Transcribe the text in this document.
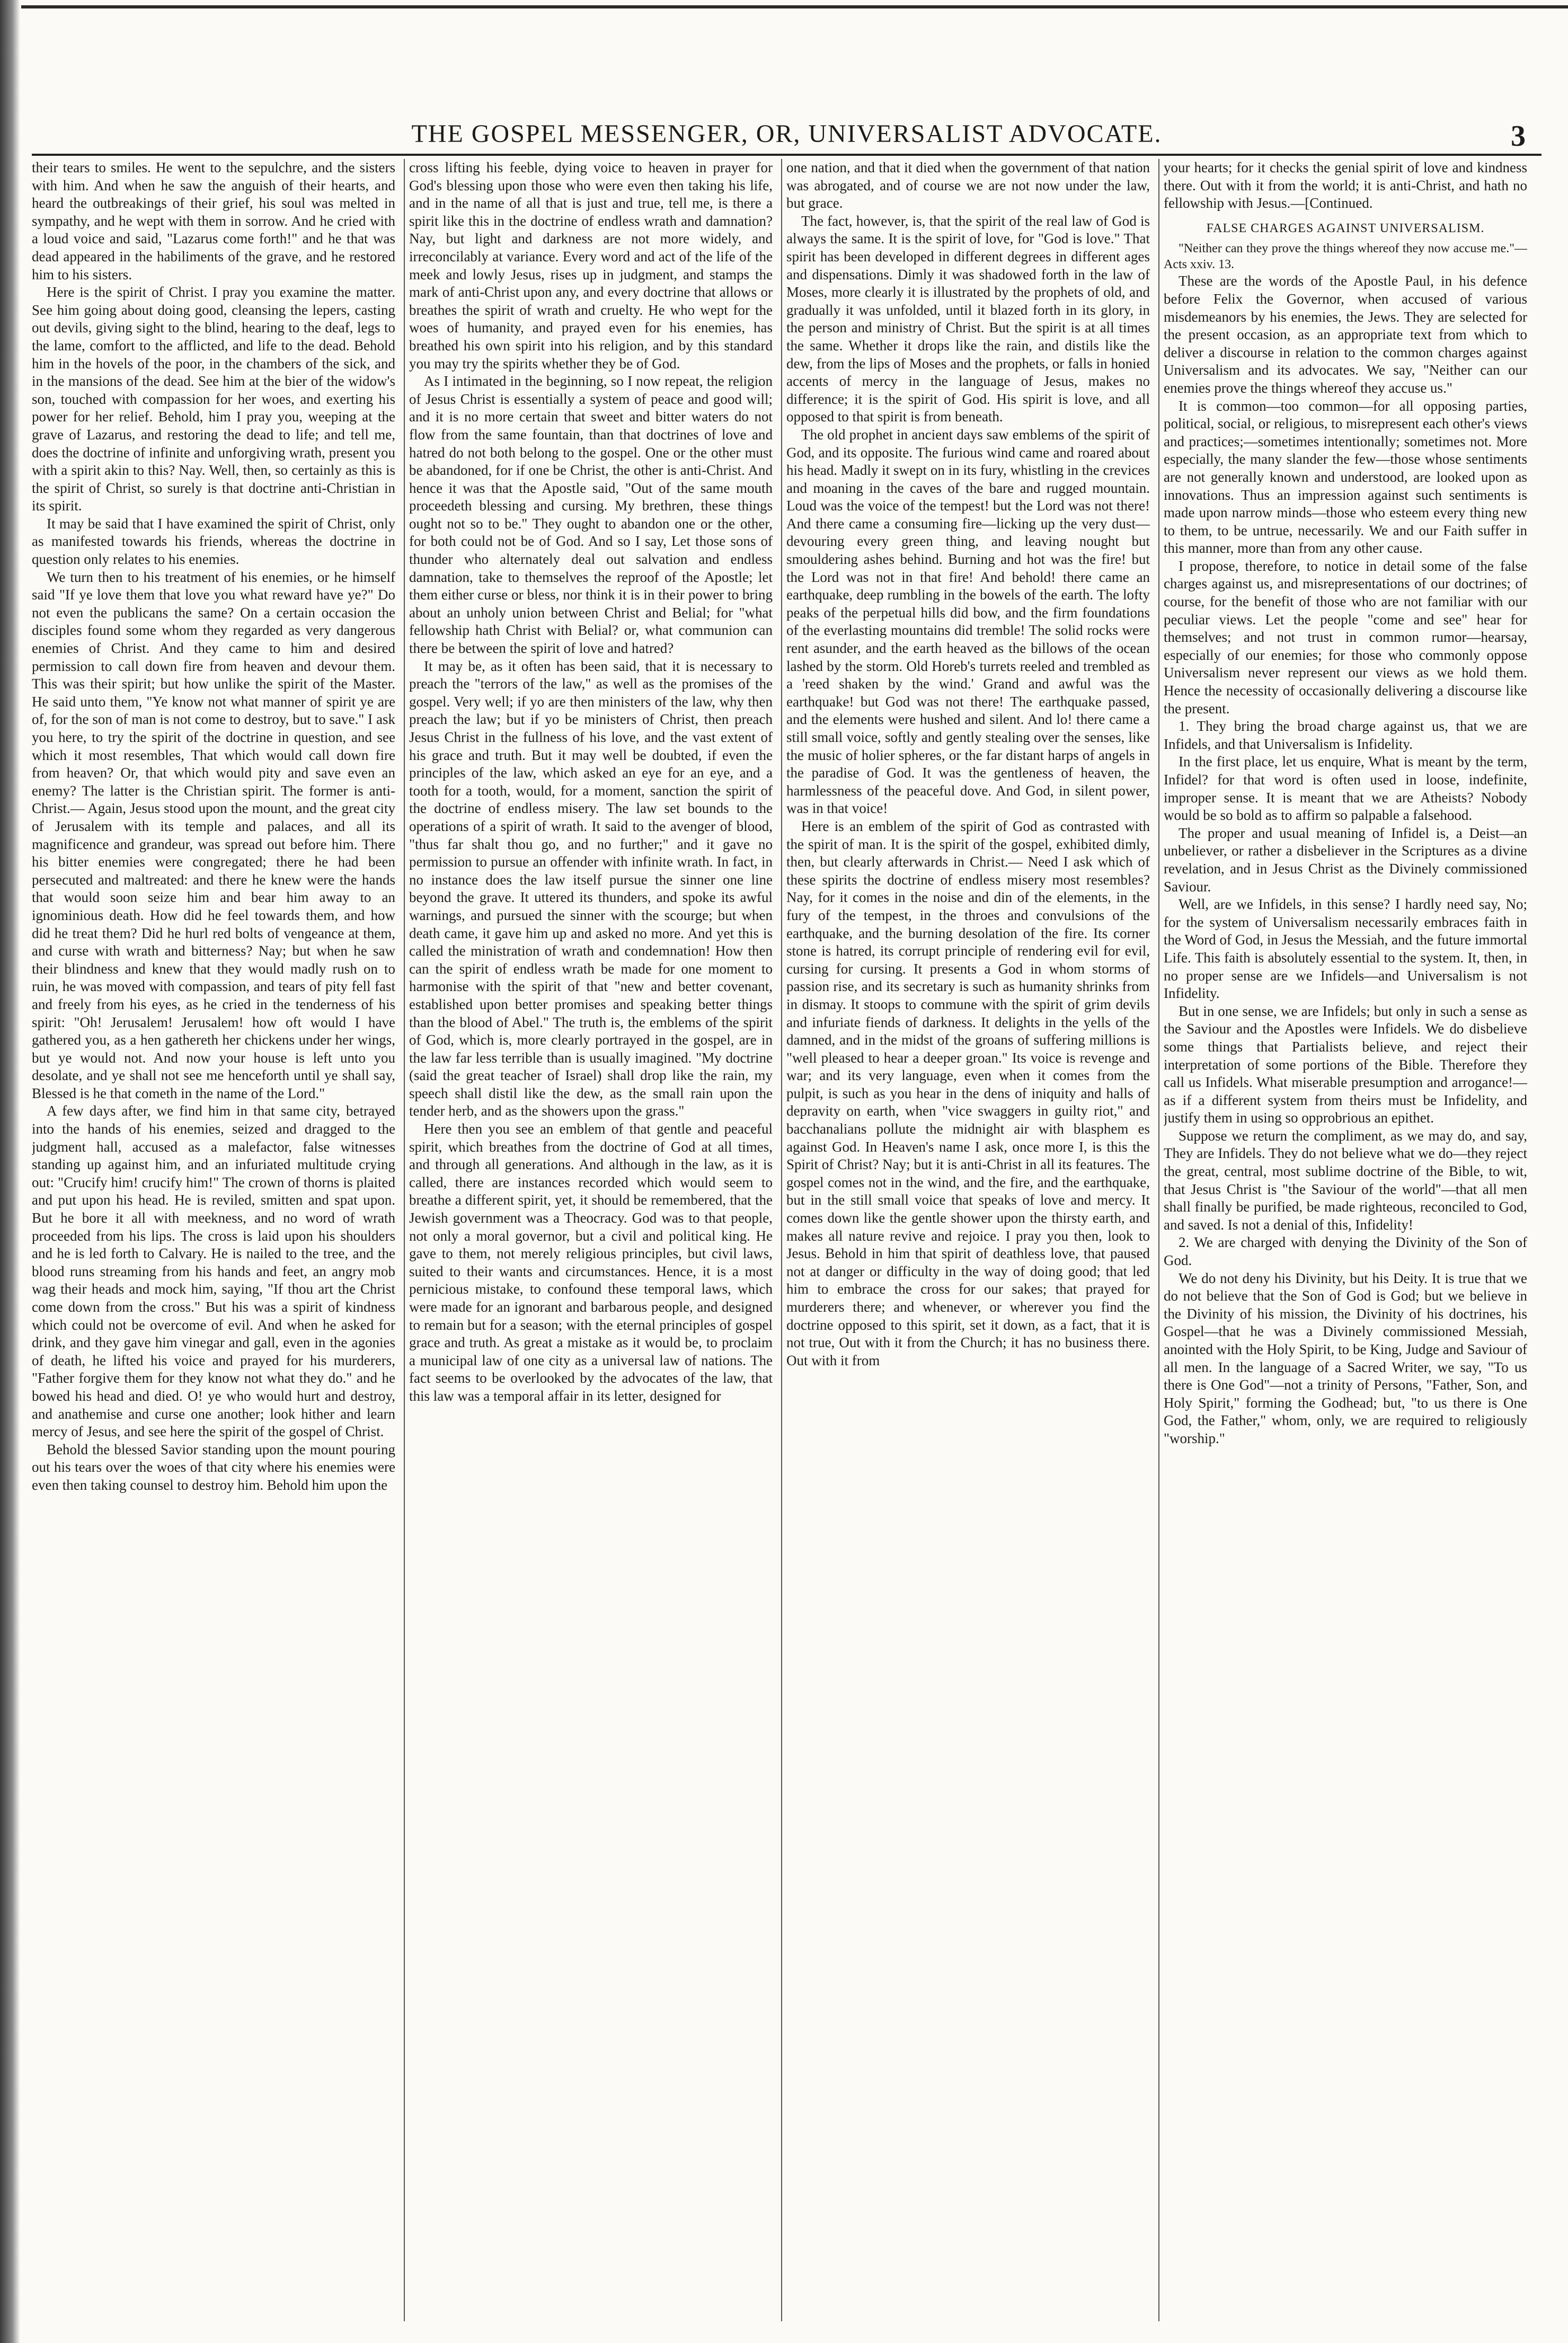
THE GOSPEL MESSENGER, OR, UNIVERSALIST ADVOCATE.	3

their tears to smiles. He went to the sepulchre, and the sisters with him. And when he saw the anguish of their hearts, and heard the outbreakings of their grief, his soul was melted in sympathy, and he wept with them in sorrow. And he cried with a loud voice and said, "Lazarus come forth!" and he that was dead appeared in the habiliments of the grave, and he restored him to his sisters.

Here is the spirit of Christ. I pray you examine the matter. See him going about doing good, cleansing the lepers, casting out devils, giving sight to the blind, hearing to the deaf, legs to the lame, comfort to the afflicted, and life to the dead. Behold him in the hovels of the poor, in the chambers of the sick, and in the mansions of the dead. See him at the bier of the widow's son, touched with compassion for her woes, and exerting his power for her relief. Behold, him I pray you, weeping at the grave of Lazarus, and restoring the dead to life; and tell me, does the doctrine of infinite and unforgiving wrath, present you with a spirit akin to this? Nay. Well, then, so certainly as this is the spirit of Christ, so surely is that doctrine anti-Christian in its spirit.

It may be said that I have examined the spirit of Christ, only as manifested towards his friends, whereas the doctrine in question only relates to his enemies.

We turn then to his treatment of his enemies, or he himself said "If ye love them that love you what reward have ye?" Do not even the publicans the same? On a certain occasion the disciples found some whom they regarded as very dangerous enemies of Christ. And they came to him and desired permission to call down fire from heaven and devour them. This was their spirit; but how unlike the spirit of the Master. He said unto them, "Ye know not what manner of spirit ye are of, for the son of man is not come to destroy, but to save." I ask you here, to try the spirit of the doctrine in question, and see which it most resembles, That which would call down fire from heaven? Or, that which would pity and save even an enemy? The latter is the Christian spirit. The former is anti-Christ.— Again, Jesus stood upon the mount, and the great city of Jerusalem with its temple and palaces, and all its magnificence and grandeur, was spread out before him. There his bitter enemies were congregated; there he had been persecuted and maltreated: and there he knew were the hands that would soon seize him and bear him away to an ignominious death. How did he feel towards them, and how did he treat them? Did he hurl red bolts of vengeance at them, and curse with wrath and bitterness? Nay; but when he saw their blindness and knew that they would madly rush on to ruin, he was moved with compassion, and tears of pity fell fast and freely from his eyes, as he cried in the tenderness of his spirit: "Oh! Jerusalem! Jerusalem! how oft would I have gathered you, as a hen gathereth her chickens under her wings, but ye would not. And now your house is left unto you desolate, and ye shall not see me henceforth until ye shall say, Blessed is he that cometh in the name of the Lord."

A few days after, we find him in that same city, betrayed into the hands of his enemies, seized and dragged to the judgment hall, accused as a malefactor, false witnesses standing up against him, and an infuriated multitude crying out: "Crucify him! crucify him!" The crown of thorns is plaited and put upon his head. He is reviled, smitten and spat upon. But he bore it all with meekness, and no word of wrath proceeded from his lips. The cross is laid upon his shoulders and he is led forth to Calvary. He is nailed to the tree, and the blood runs streaming from his hands and feet, an angry mob wag their heads and mock him, saying, "If thou art the Christ come down from the cross." But his was a spirit of kindness which could not be overcome of evil. And when he asked for drink, and they gave him vinegar and gall, even in the agonies of death, he lifted his voice and prayed for his murderers, "Father forgive them for they know not what they do." and he bowed his head and died. O! ye who would hurt and destroy, and anathemise and curse one another; look hither and learn mercy of Jesus, and see here the spirit of the gospel of Christ.

Behold the blessed Savior standing upon the mount pouring out his tears over the woes of that city where his enemies were even then taking counsel to destroy him. Behold him upon the

cross lifting his feeble, dying voice to heaven in prayer for God's blessing upon those who were even then taking his life, and in the name of all that is just and true, tell me, is there a spirit like this in the doctrine of endless wrath and damnation? Nay, but light and darkness are not more widely, and irreconcilably at variance. Every word and act of the life of the meek and lowly Jesus, rises up in judgment, and stamps the mark of anti-Christ upon any, and every doctrine that allows or breathes the spirit of wrath and cruelty. He who wept for the woes of humanity, and prayed even for his enemies, has breathed his own spirit into his religion, and by this standard you may try the spirits whether they be of God.

As I intimated in the beginning, so I now repeat, the religion of Jesus Christ is essentially a system of peace and good will; and it is no more certain that sweet and bitter waters do not flow from the same fountain, than that doctrines of love and hatred do not both belong to the gospel. One or the other must be abandoned, for if one be Christ, the other is anti-Christ. And hence it was that the Apostle said, "Out of the same mouth proceedeth blessing and cursing. My brethren, these things ought not so to be." They ought to abandon one or the other, for both could not be of God. And so I say, Let those sons of thunder who alternately deal out salvation and endless damnation, take to themselves the reproof of the Apostle; let them either curse or bless, nor think it is in their power to bring about an unholy union between Christ and Belial; for "what fellowship hath Christ with Belial? or, what communion can there be between the spirit of love and hatred?

It may be, as it often has been said, that it is necessary to preach the "terrors of the law," as well as the promises of the gospel. Very well; if yo are then ministers of the law, why then preach the law; but if yo be ministers of Christ, then preach Jesus Christ in the fullness of his love, and the vast extent of his grace and truth. But it may well be doubted, if even the principles of the law, which asked an eye for an eye, and a tooth for a tooth, would, for a moment, sanction the spirit of the doctrine of endless misery. The law set bounds to the operations of a spirit of wrath. It said to the avenger of blood, "thus far shalt thou go, and no further;" and it gave no permission to pursue an offender with infinite wrath. In fact, in no instance does the law itself pursue the sinner one line beyond the grave. It uttered its thunders, and spoke its awful warnings, and pursued the sinner with the scourge; but when death came, it gave him up and asked no more. And yet this is called the ministration of wrath and condemnation! How then can the spirit of endless wrath be made for one moment to harmonise with the spirit of that "new and better covenant, established upon better promises and speaking better things than the blood of Abel." The truth is, the emblems of the spirit of God, which is, more clearly portrayed in the gospel, are in the law far less terrible than is usually imagined. "My doctrine (said the great teacher of Israel) shall drop like the rain, my speech shall distil like the dew, as the small rain upon the tender herb, and as the showers upon the grass."

Here then you see an emblem of that gentle and peaceful spirit, which breathes from the doctrine of God at all times, and through all generations. And although in the law, as it is called, there are instances recorded which would seem to breathe a different spirit, yet, it should be remembered, that the Jewish government was a Theocracy. God was to that people, not only a moral governor, but a civil and political king. He gave to them, not merely religious principles, but civil laws, suited to their wants and circumstances. Hence, it is a most pernicious mistake, to confound these temporal laws, which were made for an ignorant and barbarous people, and designed to remain but for a season; with the eternal principles of gospel grace and truth. As great a mistake as it would be, to proclaim a municipal law of one city as a universal law of nations. The fact seems to be overlooked by the advocates of the law, that this law was a temporal affair in its letter, designed for

one nation, and that it died when the government of that nation was abrogated, and of course we are not now under the law, but grace.

The fact, however, is, that the spirit of the real law of God is always the same. It is the spirit of love, for "God is love." That spirit has been developed in different degrees in different ages and dispensations. Dimly it was shadowed forth in the law of Moses, more clearly it is illustrated by the prophets of old, and gradually it was unfolded, until it blazed forth in its glory, in the person and ministry of Christ. But the spirit is at all times the same. Whether it drops like the rain, and distils like the dew, from the lips of Moses and the prophets, or falls in honied accents of mercy in the language of Jesus, makes no difference; it is the spirit of God. His spirit is love, and all opposed to that spirit is from beneath.

The old prophet in ancient days saw emblems of the spirit of God, and its opposite. The furious wind came and roared about his head. Madly it swept on in its fury, whistling in the crevices and moaning in the caves of the bare and rugged mountain. Loud was the voice of the tempest! but the Lord was not there! And there came a consuming fire—licking up the very dust—devouring every green thing, and leaving nought but smouldering ashes behind. Burning and hot was the fire! but the Lord was not in that fire! And behold! there came an earthquake, deep rumbling in the bowels of the earth. The lofty peaks of the perpetual hills did bow, and the firm foundations of the everlasting mountains did tremble! The solid rocks were rent asunder, and the earth heaved as the billows of the ocean lashed by the storm. Old Horeb's turrets reeled and trembled as a 'reed shaken by the wind.' Grand and awful was the earthquake! but God was not there! The earthquake passed, and the elements were hushed and silent. And lo! there came a still small voice, softly and gently stealing over the senses, like the music of holier spheres, or the far distant harps of angels in the paradise of God. It was the gentleness of heaven, the harmlessness of the peaceful dove. And God, in silent power, was in that voice!

Here is an emblem of the spirit of God as contrasted with the spirit of man. It is the spirit of the gospel, exhibited dimly, then, but clearly afterwards in Christ.— Need I ask which of these spirits the doctrine of endless misery most resembles? Nay, for it comes in the noise and din of the elements, in the fury of the tempest, in the throes and convulsions of the earthquake, and the burning desolation of the fire. Its corner stone is hatred, its corrupt principle of rendering evil for evil, cursing for cursing. It presents a God in whom storms of passion rise, and its secretary is such as humanity shrinks from in dismay. It stoops to commune with the spirit of grim devils and infuriate fiends of darkness. It delights in the yells of the damned, and in the midst of the groans of suffering millions is "well pleased to hear a deeper groan." Its voice is revenge and war; and its very language, even when it comes from the pulpit, is such as you hear in the dens of iniquity and halls of depravity on earth, when "vice swaggers in guilty riot," and bacchanalians pollute the midnight air with blasphem es against God. In Heaven's name I ask, once more I, is this the Spirit of Christ? Nay; but it is anti-Christ in all its features. The gospel comes not in the wind, and the fire, and the earthquake, but in the still small voice that speaks of love and mercy. It comes down like the gentle shower upon the thirsty earth, and makes all nature revive and rejoice. I pray you then, look to Jesus. Behold in him that spirit of deathless love, that paused not at danger or difficulty in the way of doing good; that led him to embrace the cross for our sakes; that prayed for murderers there; and whenever, or wherever you find the doctrine opposed to this spirit, set it down, as a fact, that it is not true, Out with it from the Church; it has no business there. Out with it from

your hearts; for it checks the genial spirit of love and kindness there. Out with it from the world; it is anti-Christ, and hath no fellowship with Jesus.—[Continued.

FALSE CHARGES AGAINST UNIVERSALISM.

"Neither can they prove the things whereof they now accuse me."—Acts xxiv. 13.

These are the words of the Apostle Paul, in his defence before Felix the Governor, when accused of various misdemeanors by his enemies, the Jews. They are selected for the present occasion, as an appropriate text from which to deliver a discourse in relation to the common charges against Universalism and its advocates. We say, "Neither can our enemies prove the things whereof they accuse us."

It is common—too common—for all opposing parties, political, social, or religious, to misrepresent each other's views and practices;—sometimes intentionally; sometimes not. More especially, the many slander the few—those whose sentiments are not generally known and understood, are looked upon as innovations. Thus an impression against such sentiments is made upon narrow minds—those who esteem every thing new to them, to be untrue, necessarily. We and our Faith suffer in this manner, more than from any other cause.

I propose, therefore, to notice in detail some of the false charges against us, and misrepresentations of our doctrines; of course, for the benefit of those who are not familiar with our peculiar views. Let the people "come and see" hear for themselves; and not trust in common rumor—hearsay, especially of our enemies; for those who commonly oppose Universalism never represent our views as we hold them. Hence the necessity of occasionally delivering a discourse like the present.

1. They bring the broad charge against us, that we are Infidels, and that Universalism is Infidelity.

In the first place, let us enquire, What is meant by the term, Infidel? for that word is often used in loose, indefinite, improper sense. It is meant that we are Atheists? Nobody would be so bold as to affirm so palpable a falsehood.

The proper and usual meaning of Infidel is, a Deist—an unbeliever, or rather a disbeliever in the Scriptures as a divine revelation, and in Jesus Christ as the Divinely commissioned Saviour.

Well, are we Infidels, in this sense? I hardly need say, No; for the system of Universalism necessarily embraces faith in the Word of God, in Jesus the Messiah, and the future immortal Life. This faith is absolutely essential to the system. It, then, in no proper sense are we Infidels—and Universalism is not Infidelity.

But in one sense, we are Infidels; but only in such a sense as the Saviour and the Apostles were Infidels. We do disbelieve some things that Partialists believe, and reject their interpretation of some portions of the Bible. Therefore they call us Infidels. What miserable presumption and arrogance!—as if a different system from theirs must be Infidelity, and justify them in using so opprobrious an epithet.

Suppose we return the compliment, as we may do, and say, They are Infidels. They do not believe what we do—they reject the great, central, most sublime doctrine of the Bible, to wit, that Jesus Christ is "the Saviour of the world"—that all men shall finally be purified, be made righteous, reconciled to God, and saved. Is not a denial of this, Infidelity!

2. We are charged with denying the Divinity of the Son of God.

We do not deny his Divinity, but his Deity. It is true that we do not believe that the Son of God is God; but we believe in the Divinity of his mission, the Divinity of his doctrines, his Gospel—that he was a Divinely commissioned Messiah, anointed with the Holy Spirit, to be King, Judge and Saviour of all men. In the language of a Sacred Writer, we say, "To us there is One God"—not a trinity of Persons, "Father, Son, and Holy Spirit," forming the Godhead; but, "to us there is One God, the Father," whom, only, we are required to religiously "worship."
